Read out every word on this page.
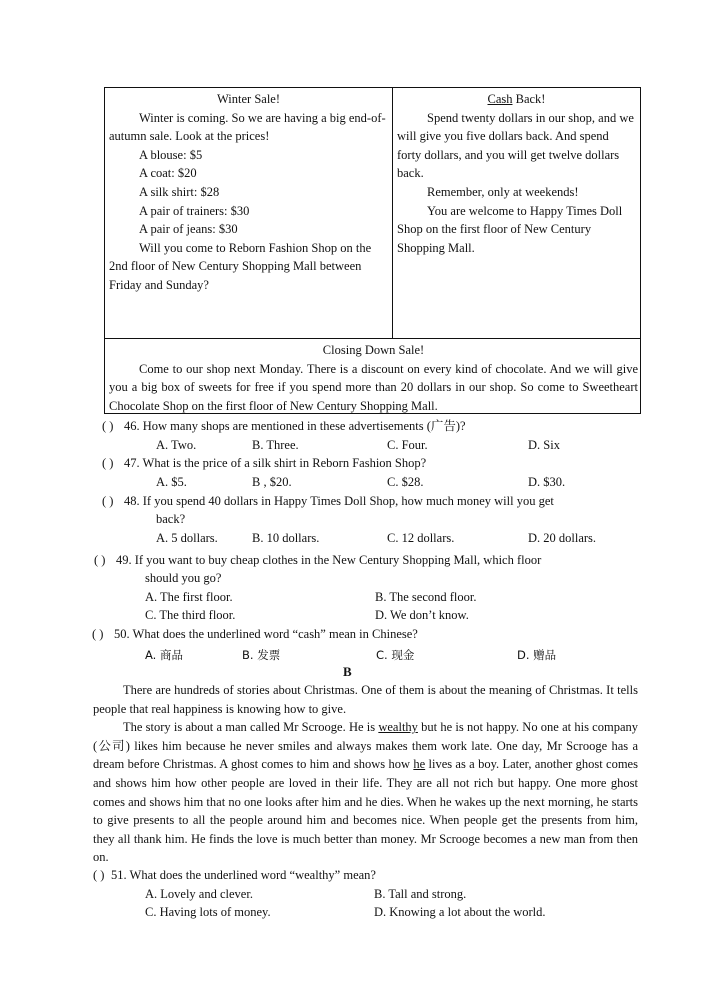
Winter Sale!
Winter is coming. So we are having a big end-of-autumn sale. Look at the prices!
A blouse: $5
A coat: $20
A silk shirt: $28
A pair of trainers: $30
A pair of jeans: $30
Will you come to Reborn Fashion Shop on the 2nd floor of New Century Shopping Mall between Friday and Sunday?
Cash Back!
Spend twenty dollars in our shop, and we will give you five dollars back. And spend forty dollars, and you will get twelve dollars back.
Remember, only at weekends!
You are welcome to Happy Times Doll Shop on the first floor of New Century Shopping Mall.
Closing Down Sale!
Come to our shop next Monday. There is a discount on every kind of chocolate. And we will give you a big box of sweets for free if you spend more than 20 dollars in our shop. So come to Sweetheart Chocolate Shop on the first floor of New Century Shopping Mall.
( ) 46. How many shops are mentioned in these advertisements (广告)?
A. Two.	B. Three.	C. Four.	D. Six
( ) 47. What is the price of a silk shirt in Reborn Fashion Shop?
A. $5.	B , $20.	C. $28.	D. $30.
( ) 48. If you spend 40 dollars in Happy Times Doll Shop, how much money will you get
back?
A. 5 dollars.	B. 10 dollars.	C. 12 dollars.	D. 20 dollars.
( ) 49. If you want to buy cheap clothes in the New Century Shopping Mall, which floor
should you go?
A. The first floor.	B. The second floor.
C. The third floor.	D. We don’t know.
( ) 50. What does the underlined word “cash” mean in Chinese?
A. 商品	B. 发票	C. 现金	D. 赠品
B
There are hundreds of stories about Christmas. One of them is about the meaning of Christmas. It tells people that real happiness is knowing how to give.
The story is about a man called Mr Scrooge. He is wealthy but he is not happy. No one at his company (公司) likes him because he never smiles and always makes them work late. One day, Mr Scrooge has a dream before Christmas. A ghost comes to him and shows how he lives as a boy. Later, another ghost comes and shows him how other people are loved in their life. They are all not rich but happy. One more ghost comes and shows him that no one looks after him and he dies. When he wakes up the next morning, he starts to give presents to all the people around him and becomes nice. When people get the presents from him, they all thank him. He finds the love is much better than money. Mr Scrooge becomes a new man from then on.
( ) 51. What does the underlined word “wealthy” mean?
A. Lovely and clever.	B. Tall and strong.
C. Having lots of money.	D. Knowing a lot about the world.
